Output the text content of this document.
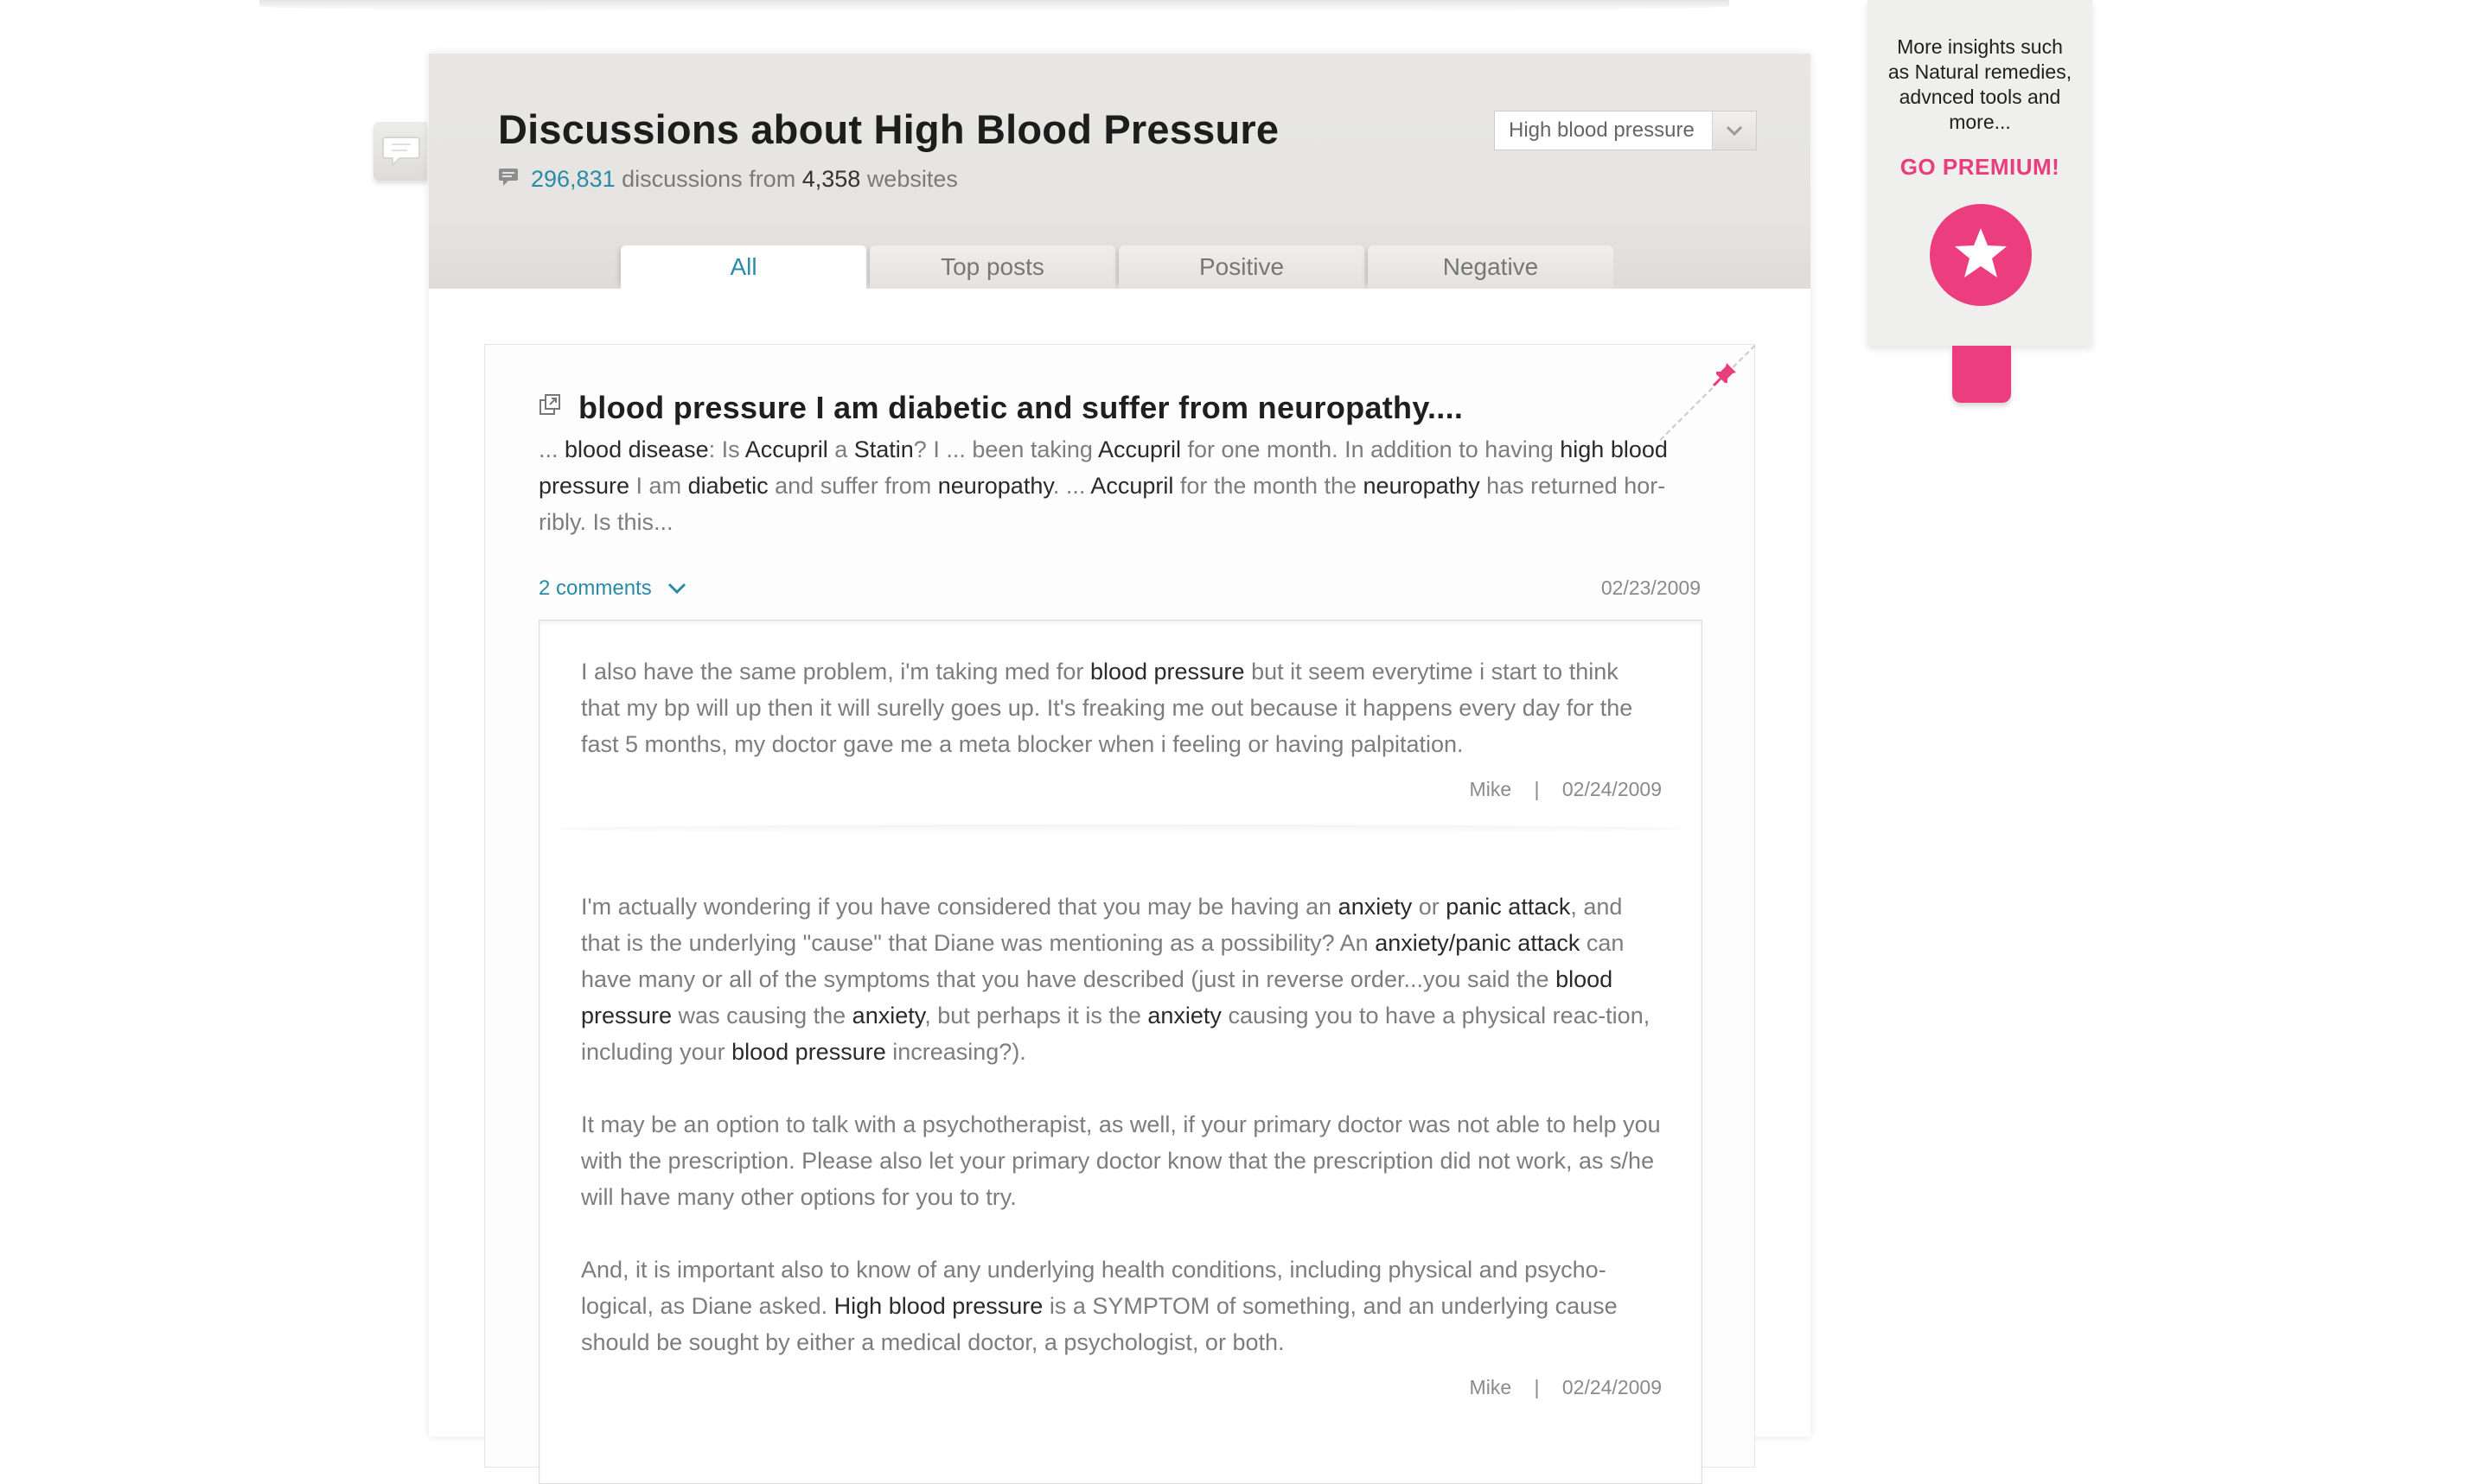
Discussions about High Blood Pressure
296,831 discussions from 4,358 websites
High blood pressure
All	Top posts	Positive	Negative
blood pressure I am diabetic and suffer from neuropathy....
... blood disease: Is Accupril a Statin? I ... been taking Accupril for one month. In addition to having high blood pressure I am diabetic and suffer from neuropathy. ... Accupril for the month the neuropathy has returned hor-ribly. Is this...
2 comments	02/23/2009

I also have the same problem, i'm taking med for blood pressure but it seem everytime i start to think that my bp will up then it will surelly goes up. It's freaking me out because it happens every day for the fast 5 months, my doctor gave me a meta blocker when i feeling or having palpitation.

Mike | 02/24/2009

I'm actually wondering if you have considered that you may be having an anxiety or panic attack, and that is the underlying "cause" that Diane was mentioning as a possibility? An anxiety/panic attack can have many or all of the symptoms that you have described (just in reverse order...you said the blood pressure was causing the anxiety, but perhaps it is the anxiety causing you to have a physical reac-tion, including your blood pressure increasing?).

It may be an option to talk with a psychotherapist, as well, if your primary doctor was not able to help you with the prescription. Please also let your primary doctor know that the prescription did not work, as s/he will have many other options for you to try.

And, it is important also to know of any underlying health conditions, including physical and psycho-logical, as Diane asked. High blood pressure is a SYMPTOM of something, and an underlying cause should be sought by either a medical doctor, a psychologist, or both.

Mike | 02/24/2009
More insights such as Natural remedies, advnced tools and more...
GO PREMIUM!
